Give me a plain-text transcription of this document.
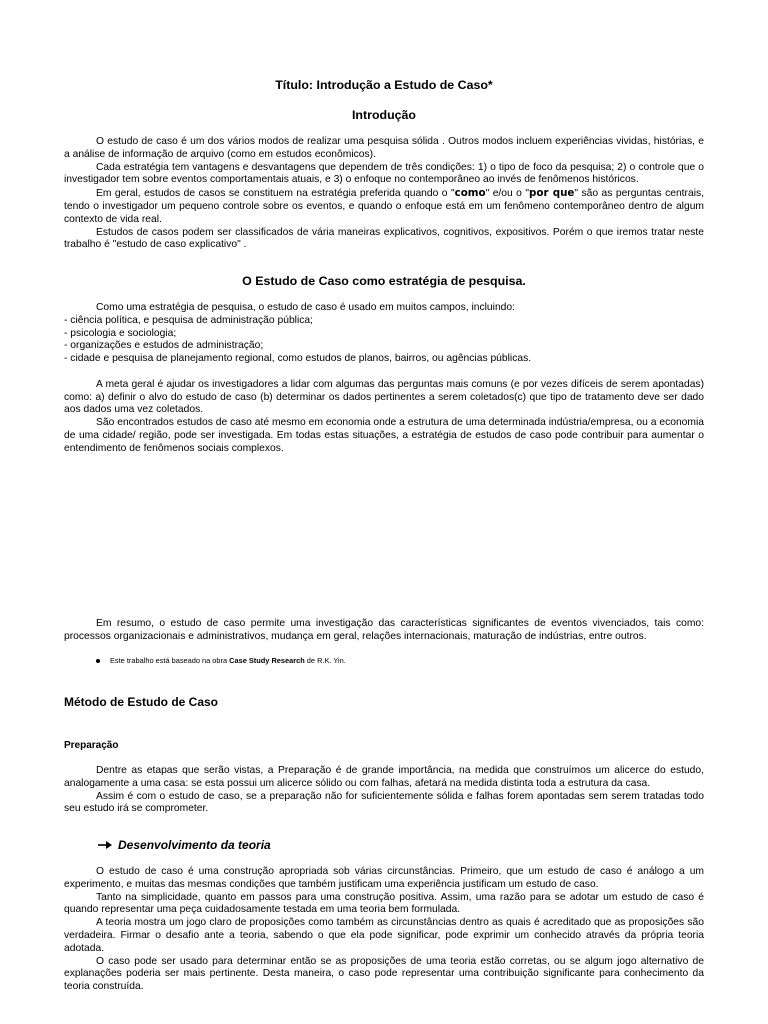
Título: Introdução a Estudo de Caso*
Introdução

O estudo de caso é um dos vários modos de realizar uma pesquisa sólida . Outros modos incluem experiências vividas, histórias, e a análise de informação de arquivo (como em estudos econômicos).

Cada estratégia tem vantagens e desvantagens que dependem de três condições: 1) o tipo de foco da pesquisa; 2) o controle que o investigador tem sobre eventos comportamentais atuais, e 3) o enfoque no contemporâneo ao invés de fenômenos históricos.

Em geral, estudos de casos se constituem na estratégia preferida quando o "como" e/ou o "por que" são as perguntas centrais, tendo o investigador um pequeno controle sobre os eventos, e quando o enfoque está em um fenômeno contemporâneo dentro de algum contexto de vida real.

Estudos de casos podem ser classificados de vária maneiras explicativos, cognitivos, expositivos. Porém o que iremos tratar neste trabalho é "estudo de caso explicativo" .

O Estudo de Caso como estratégia de pesquisa.

Como uma estratégia de pesquisa, o estudo de caso é usado em muitos campos, incluindo:

- ciência política, e pesquisa de administração pública;

- psicologia e sociologia;

- organizações e estudos de administração;

- cidade e pesquisa de planejamento regional, como estudos de planos, bairros, ou agências públicas.

A meta geral é ajudar os investigadores a lidar com algumas das perguntas mais comuns (e por vezes difíceis de serem apontadas) como: a) definir o alvo do estudo de caso (b) determinar os dados pertinentes a serem coletados(c) que tipo de tratamento deve ser dado aos dados uma vez coletados.

São encontrados estudos de caso até mesmo em economia onde a estrutura de uma determinada indústria/empresa, ou a economia de uma cidade/ região, pode ser investigada. Em todas estas situações, a estratégia de estudos de caso pode contribuir para aumentar o entendimento de fenômenos sociais complexos.

Em resumo, o estudo de caso permite uma investigação das características significantes de eventos vivenciados, tais como: processos organizacionais e administrativos, mudança em geral, relações internacionais, maturação de indústrias, entre outros.

Este trabalho está baseado na obra Case Study Research de R.K. Yin.
Método de Estudo de Caso
Preparação

Dentre as etapas que serão vistas, a Preparação é de grande importância, na medida que construímos um alicerce do estudo, analogamente a uma casa: se esta possui um alicerce sólido ou com falhas, afetará na medida distinta toda a estrutura da casa.

Assim é com o estudo de caso, se a preparação não for suficientemente sólida e falhas forem apontadas sem serem tratadas todo seu estudo irá se comprometer.

Desenvolvimento da teoria

O estudo de caso é uma construção apropriada sob várias circunstâncias. Primeiro, que um estudo de caso é análogo a um experimento, e muitas das mesmas condições que também justificam uma experiência justificam um estudo de caso.

Tanto na simplicidade, quanto em passos para uma construção positiva. Assim, uma razão para se adotar um estudo de caso é quando representar uma peça cuidadosamente testada em uma teoria bem formulada.

A teoria mostra um jogo claro de proposições como também as circunstâncias dentro as quais é acreditado que as proposições são verdadeira. Firmar o desafio ante a teoria, sabendo o que ela pode significar, pode exprimir um conhecido através da própria teoria adotada.

O caso pode ser usado para determinar então se as proposições de uma teoria estão corretas, ou se algum jogo alternativo de explanações poderia ser mais pertinente. Desta maneira, o caso pode representar uma contribuição significante para conhecimento da teoria construída.
